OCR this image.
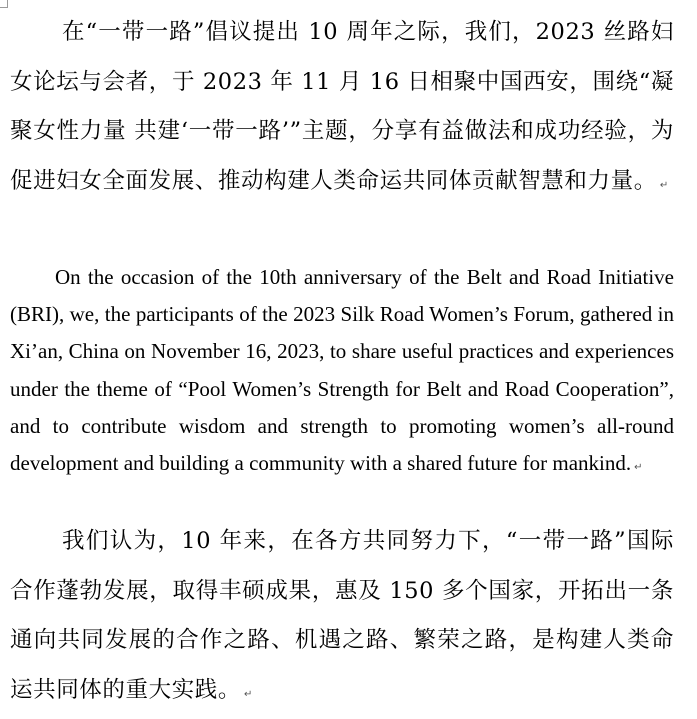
在“一带一路”倡议提出 10 周年之际，我们，2023 丝路妇女论坛与会者，于 2023 年 11 月 16 日相聚中国西安，围绕“凝聚女性力量 共建‘一带一路’”主题，分享有益做法和成功经验，为促进妇女全面发展、推动构建人类命运共同体贡献智慧和力量。 ↵

On the occasion of the 10th anniversary of the Belt and Road Initiative (BRI), we, the participants of the 2023 Silk Road Women’s Forum, gathered in Xi’an, China on November 16, 2023, to share useful practices and experiences under the theme of “Pool Women’s Strength for Belt and Road Cooperation”, and to contribute wisdom and strength to promoting women’s all-round development and building a community with a shared future for mankind. ↵

我们认为，10 年来，在各方共同努力下，“一带一路”国际合作蓬勃发展，取得丰硕成果，惠及 150 多个国家，开拓出一条通向共同发展的合作之路、机遇之路、繁荣之路，是构建人类命运共同体的重大实践。 ↵
